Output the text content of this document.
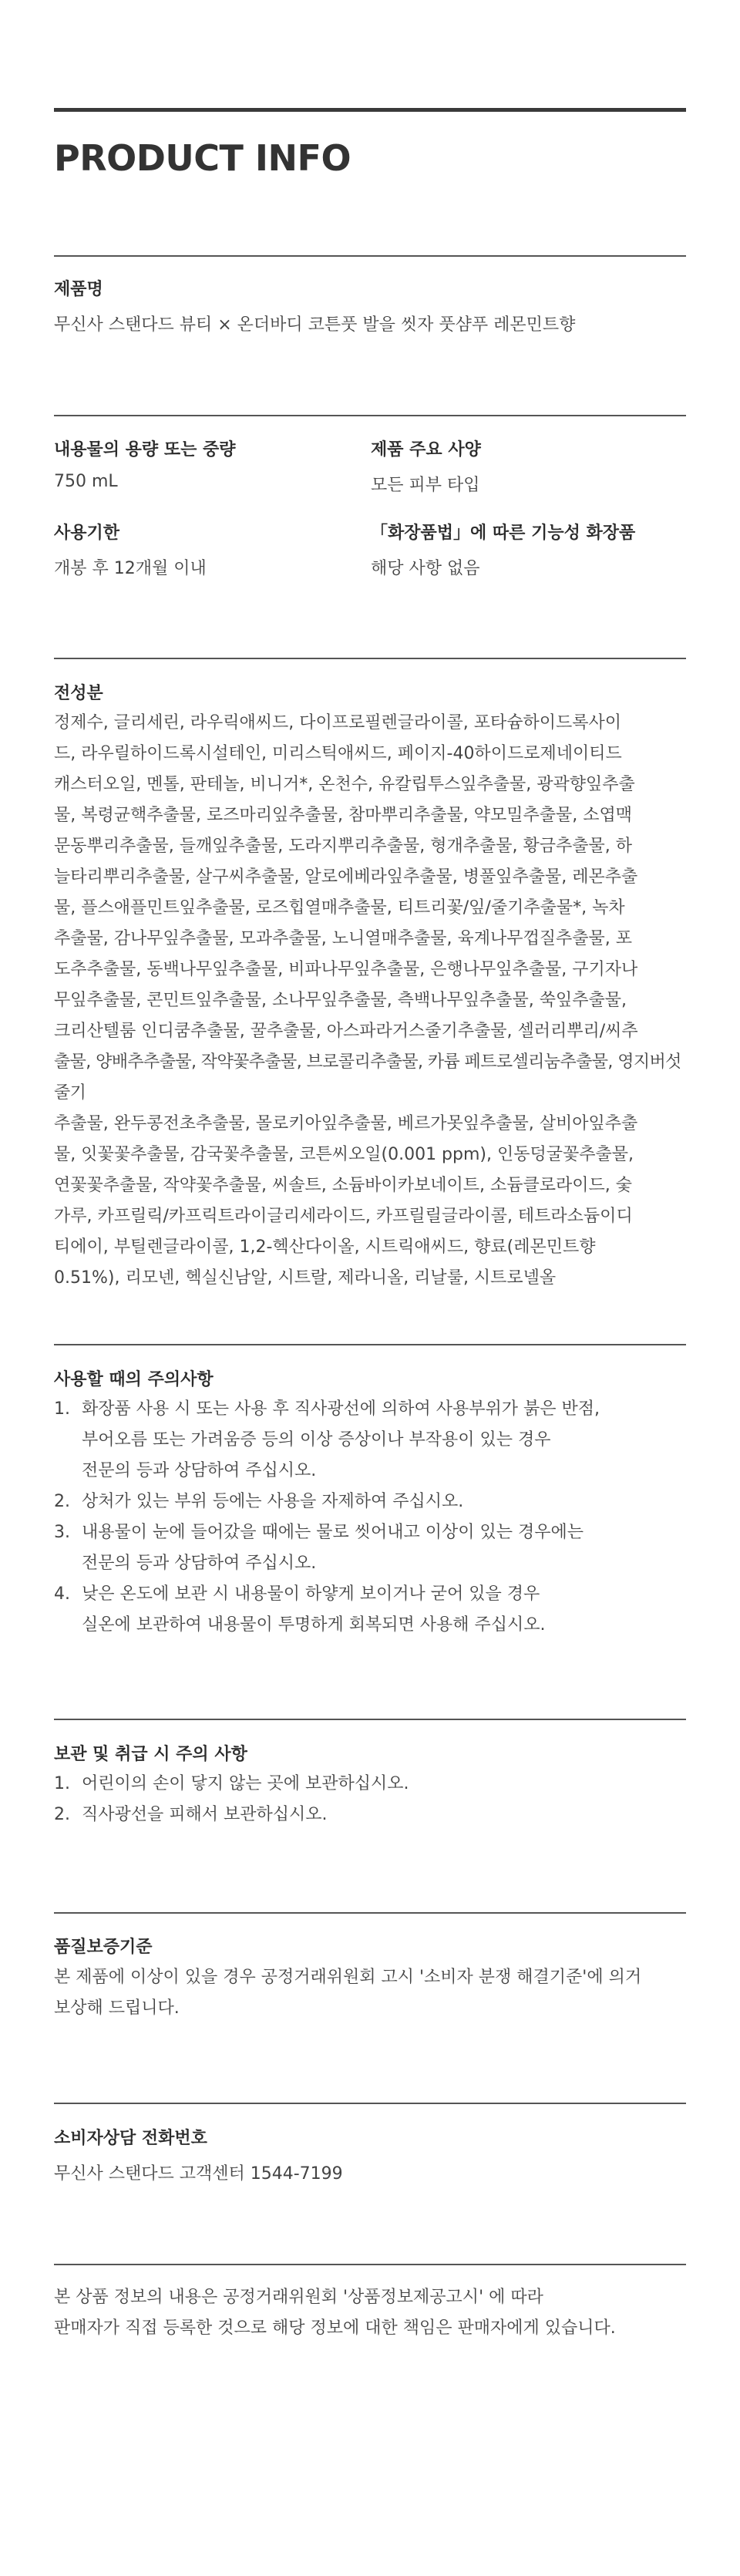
PRODUCT INFO
제품명
무신사 스탠다드 뷰티 × 온더바디 코튼풋 발을 씻자 풋샴푸 레몬민트향
내용물의 용량 또는 중량
750 mL
제품 주요 사양
모든 피부 타입
사용기한
개봉 후 12개월 이내
「화장품법」에 따른 기능성 화장품
해당 사항 없음
전성분
정제수, 글리세린, 라우릭애씨드, 다이프로필렌글라이콜, 포타슘하이드록사이
드, 라우릴하이드록시설테인, 미리스틱애씨드, 페이지-40하이드로제네이티드
캐스터오일, 멘톨, 판테놀, 비니거*, 온천수, 유칼립투스잎추출물, 광곽향잎추출
물, 복령균핵추출물, 로즈마리잎추출물, 참마뿌리추출물, 약모밀추출물, 소엽맥
문동뿌리추출물, 들깨잎추출물, 도라지뿌리추출물, 형개추출물, 황금추출물, 하
늘타리뿌리추출물, 살구씨추출물, 알로에베라잎추출물, 병풀잎추출물, 레몬추출
물, 플스애플민트잎추출물, 로즈힙열매추출물, 티트리꽃/잎/줄기추출물*, 녹차
추출물, 감나무잎추출물, 모과추출물, 노니열매추출물, 육계나무껍질추출물, 포
도추추출물, 동백나무잎추출물, 비파나무잎추출물, 은행나무잎추출물, 구기자나
무잎추출물, 콘민트잎추출물, 소나무잎추출물, 측백나무잎추출물, 쑥잎추출물,
크리산텔룸 인디쿰추출물, 꿀추출물, 아스파라거스줄기추출물, 셀러리뿌리/씨추
출물, 양배추추출물, 작약꽃추출물, 브로콜리추출물, 카륨 페트로셀리눔추출물, 영지버섯줄기
추출물, 완두콩전초추출물, 몰로키아잎추출물, 베르가못잎추출물, 살비아잎추출
물, 잇꽃꽃추출물, 감국꽃추출물, 코튼씨오일(0.001 ppm), 인동덩굴꽃추출물,
연꽃꽃추출물, 작약꽃추출물, 씨솔트, 소듐바이카보네이트, 소듐클로라이드, 숯
가루, 카프릴릭/카프릭트라이글리세라이드, 카프릴릴글라이콜, 테트라소듐이디
티에이, 부틸렌글라이콜, 1,2-헥산다이올, 시트릭애씨드, 향료(레몬민트향
0.51%), 리모넨, 헥실신남알, 시트랄, 제라니올, 리날룰, 시트로넬올
사용할 때의 주의사항
1. 화장품 사용 시 또는 사용 후 직사광선에 의하여 사용부위가 붉은 반점,
부어오름 또는 가려움증 등의 이상 증상이나 부작용이 있는 경우
전문의 등과 상담하여 주십시오.
2. 상처가 있는 부위 등에는 사용을 자제하여 주십시오.
3. 내용물이 눈에 들어갔을 때에는 물로 씻어내고 이상이 있는 경우에는
전문의 등과 상담하여 주십시오.
4. 낮은 온도에 보관 시 내용물이 하얗게 보이거나 굳어 있을 경우
실온에 보관하여 내용물이 투명하게 회복되면 사용해 주십시오.
보관 및 취급 시 주의 사항
1. 어린이의 손이 닿지 않는 곳에 보관하십시오.
2. 직사광선을 피해서 보관하십시오.
품질보증기준
본 제품에 이상이 있을 경우 공정거래위원회 고시 '소비자 분쟁 해결기준'에 의거
보상해 드립니다.
소비자상담 전화번호
무신사 스탠다드 고객센터 1544-7199
본 상품 정보의 내용은 공정거래위원회 '상품정보제공고시' 에 따라
판매자가 직접 등록한 것으로 해당 정보에 대한 책임은 판매자에게 있습니다.
